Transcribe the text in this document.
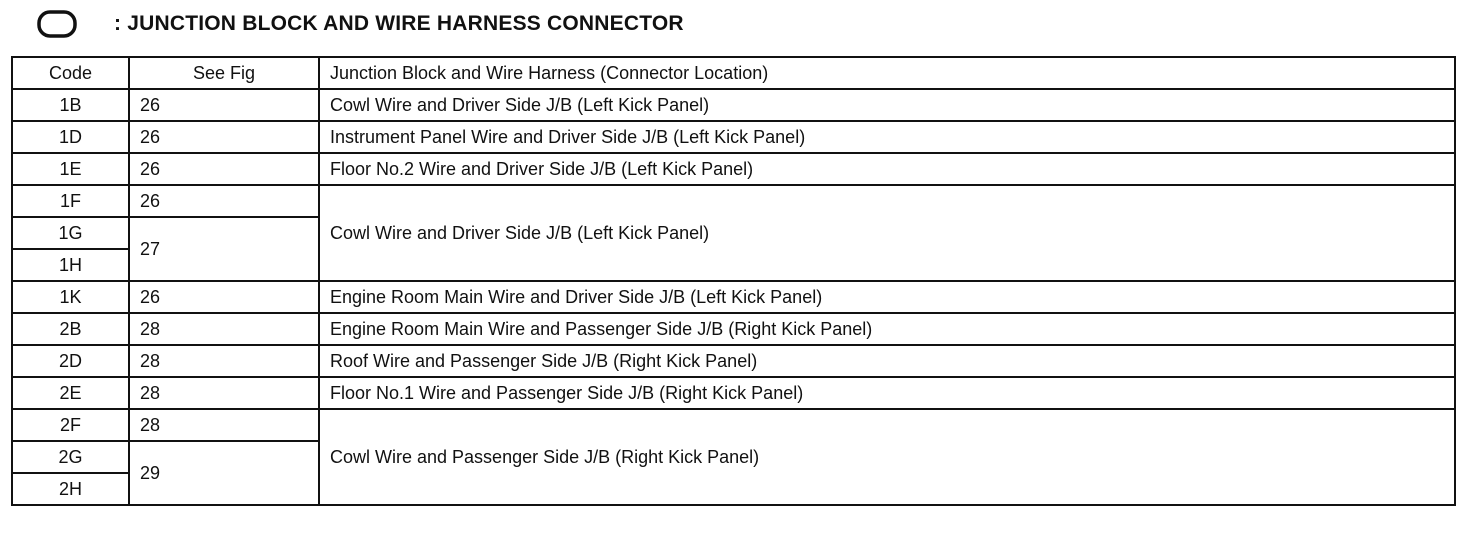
: JUNCTION BLOCK AND WIRE HARNESS CONNECTOR
Code	See Fig	Junction Block and Wire Harness (Connector Location)
1B	26	Cowl Wire and Driver Side J/B (Left Kick Panel)
1D	26	Instrument Panel Wire and Driver Side J/B (Left Kick Panel)
1E	26	Floor No.2 Wire and Driver Side J/B (Left Kick Panel)
1F	26	Cowl Wire and Driver Side J/B (Left Kick Panel)
1G	27	
1H		
1K	26	Engine Room Main Wire and Driver Side J/B (Left Kick Panel)
2B	28	Engine Room Main Wire and Passenger Side J/B (Right Kick Panel)
2D	28	Roof Wire and Passenger Side J/B (Right Kick Panel)
2E	28	Floor No.1 Wire and Passenger Side J/B (Right Kick Panel)
2F	28	Cowl Wire and Passenger Side J/B (Right Kick Panel)
2G	29	
2H		
